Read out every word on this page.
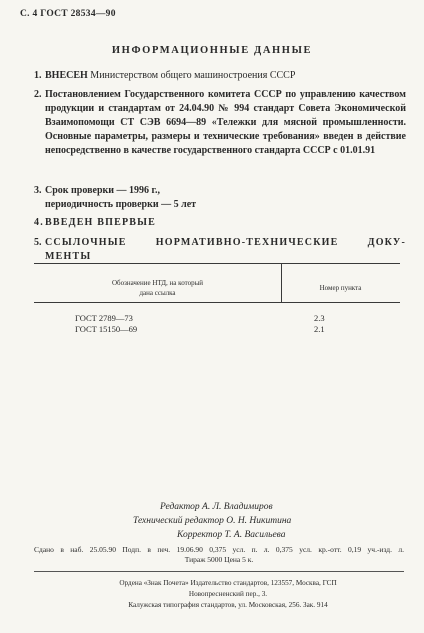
С. 4 ГОСТ 28534—90
ИНФОРМАЦИОННЫЕ ДАННЫЕ
1. ВНЕСЕН Министерством общего машиностроения СССР
2. Постановлением Государственного комитета СССР по управлению качеством продукции и стандартам от 24.04.90 № 994 стандарт Совета Экономической Взаимопомощи СТ СЭВ 6694—89 «Тележки для мясной промышленности. Основные параметры, размеры и технические требования» введен в действие непосредственно в качестве государственного стандарта СССР с 01.01.91
3. Срок проверки — 1996 г.,
периодичность проверки — 5 лет
4. ВВЕДЕН ВПЕРВЫЕ
5. ССЫЛОЧНЫЕ НОРМАТИВНО-ТЕХНИЧЕСКИЕ ДОКУ-
МЕНТЫ
Обозначение НТД, на который
дана ссылка
Номер пункта
ГОСТ 2789—73	2.3
ГОСТ 15150—69	2.1
Редактор А. Л. Владимиров
Технический редактор О. Н. Никитина
Корректор Т. А. Васильева
Сдано в наб. 25.05.90 Подп. в печ. 19.06.90 0,375 усл. п. л. 0,375 усл. кр.-отт. 0,19 уч.-изд. л.
Тираж 5000 Цена 5 к.
Ордена «Знак Почета» Издательство стандартов, 123557, Москва, ГСП
Новопресненский пер., 3.
Калужская типография стандартов, ул. Московская, 256. Зак. 914
